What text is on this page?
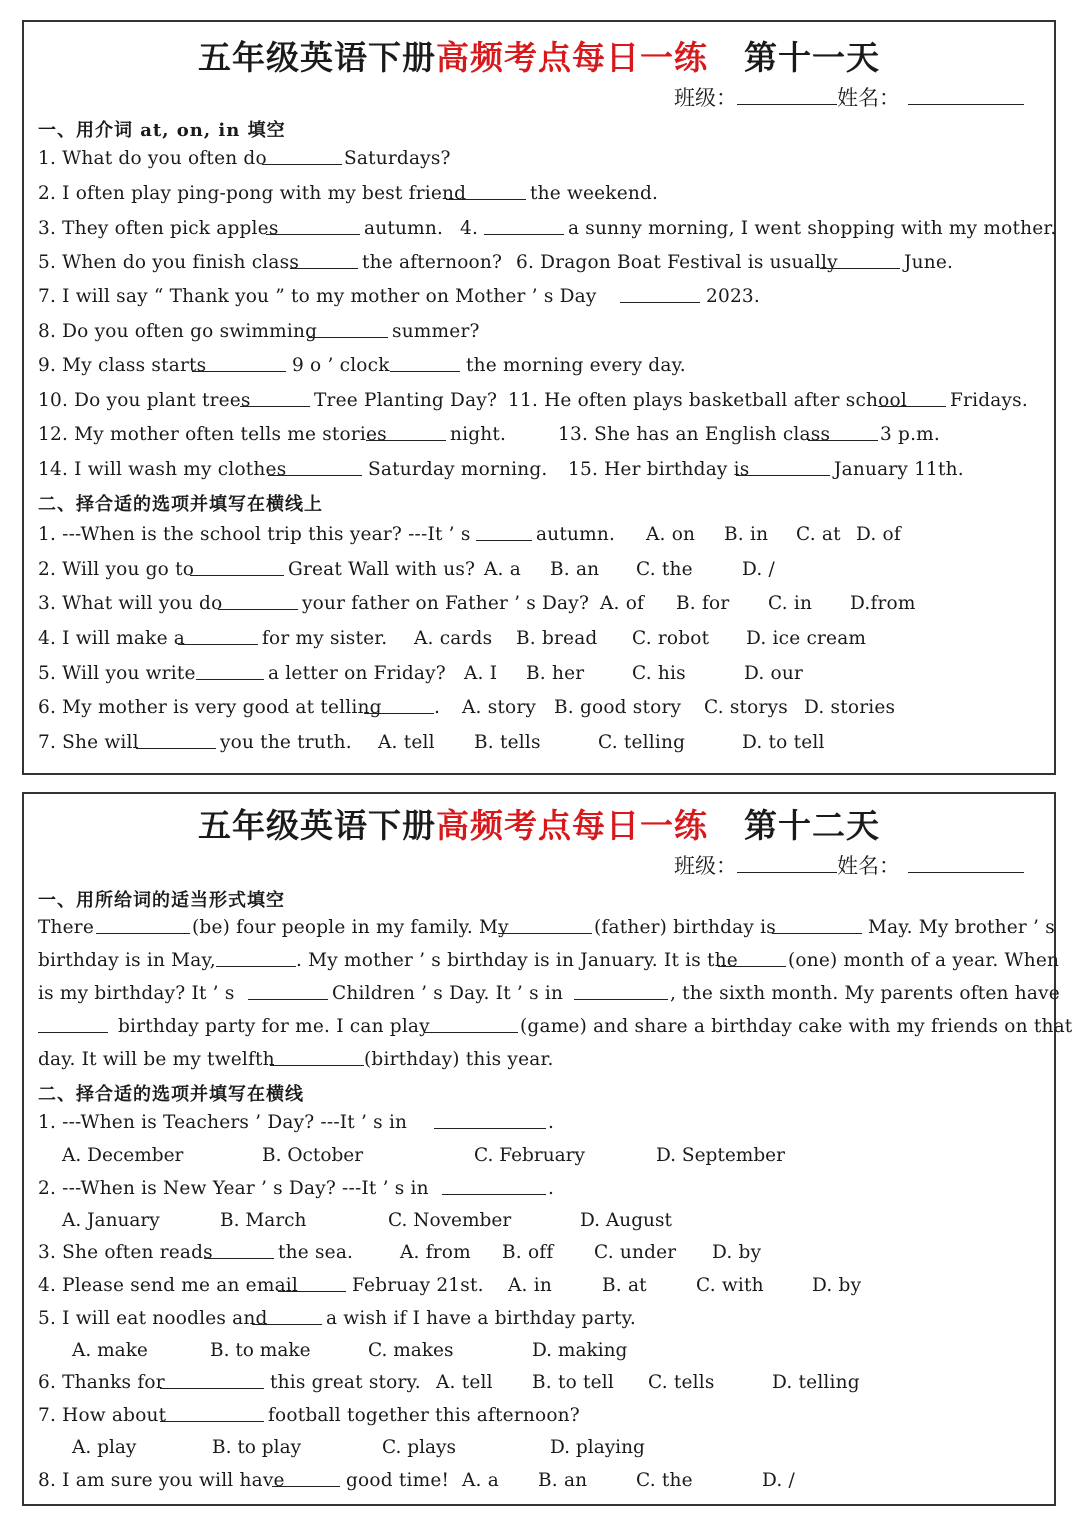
五年级英语下册高频考点每日一练 第十一天
班级：	姓名：
一、用介词 at, on, in 填空
1. What do you often do	Saturdays?
2. I often play ping-pong with my best friend	the weekend.
3. They often pick apples	autumn. 4.	a sunny morning, I went shopping with my mother.
5. When do you finish class	the afternoon? 6. Dragon Boat Festival is usually	June.
7. I will say “ Thank you ” to my mother on Mother ’ s Day	2023.
8. Do you often go swimming	summer?
9. My class starts	9 o ’ clock	the morning every day.
10. Do you plant trees	Tree Planting Day? 11. He often plays basketball after school Fridays.
12. My mother often tells me stories	night.	13. She has an English class	3 p.m.
14. I will wash my clothes	Saturday morning. 15. Her birthday is	January 11th.
二、择合适的选项并填写在横线上
1. ---When is the school trip this year? ---It ’ s	autumn. A. on B. in C. at D. of
2. Will you go to	Great Wall with us? A. a B. an C. the	D. /
3. What will you do	your father on Father ’ s Day? A. of B. for C. in D.from
4. I will make a	for my sister. A. cards B. bread C. robot D. ice cream
5. Will you write	a letter on Friday? A. I B. her	C. his	D. our
6. My mother is very good at telling	. A. story B. good story C. storys D. stories
7. She will	you the truth. A. tell B. tells	C. telling	D. to tell
五年级英语下册高频考点每日一练 第十二天
班级：	姓名：
一、用所给词的适当形式填空
There	(be) four people in my family. My	(father) birthday is	May. My brother ’ s
birthday is in May,	. My mother ’ s birthday is in January. It is the	(one) month of a year. When
is my birthday? It ’ s	Children ’ s Day. It ’ s in	, the sixth month. My parents often have
birthday party for me. I can play	(game) and share a birthday cake with my friends on that
day. It will be my twelfth	(birthday) this year.
二、择合适的选项并填写在横线
1. ---When is Teachers ’ Day? ---It ’ s in	.
A. December	B. October	C. February	D. September
2. ---When is New Year ’ s Day? ---It ’ s in	.
A. January	B. March	C. November	D. August
3. She often reads	the sea.	A. from B. off C. under D. by
4. Please send me an email	Februay 21st. A. in	B. at	C. with	D. by
5. I will eat noodles and	a wish if I have a birthday party.
A. make	B. to make	C. makes	D. making
6. Thanks for	this great story. A. tell B. to tell C. tells	D. telling
7. How about	football together this afternoon?
A. play	B. to play	C. plays	D. playing
8. I am sure you will have	good time! A. a B. an	C. the	D. /
